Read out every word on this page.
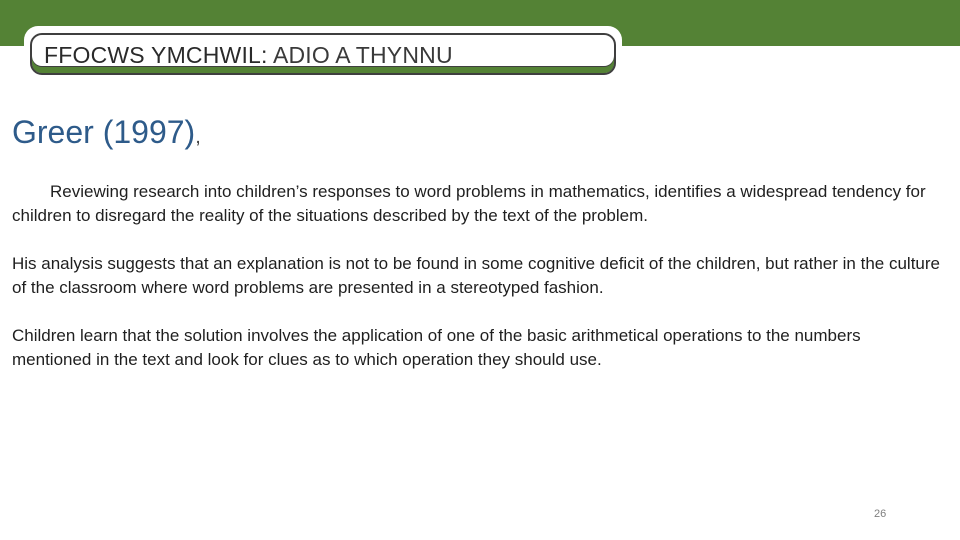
FFOCWS YMCHWIL: ADIO A THYNNU
Greer (1997),

Reviewing research into children’s responses to word problems in mathematics, identifies a widespread tendency for children to disregard the reality of the situations described by the text of the problem.

His analysis suggests that an explanation is not to be found in some cognitive deficit of the children, but rather in the culture of the classroom where word problems are presented in a stereotyped fashion.

Children learn that the solution involves the application of one of the basic arithmetical operations to the numbers mentioned in the text and look for clues as to which operation they should use.

26
